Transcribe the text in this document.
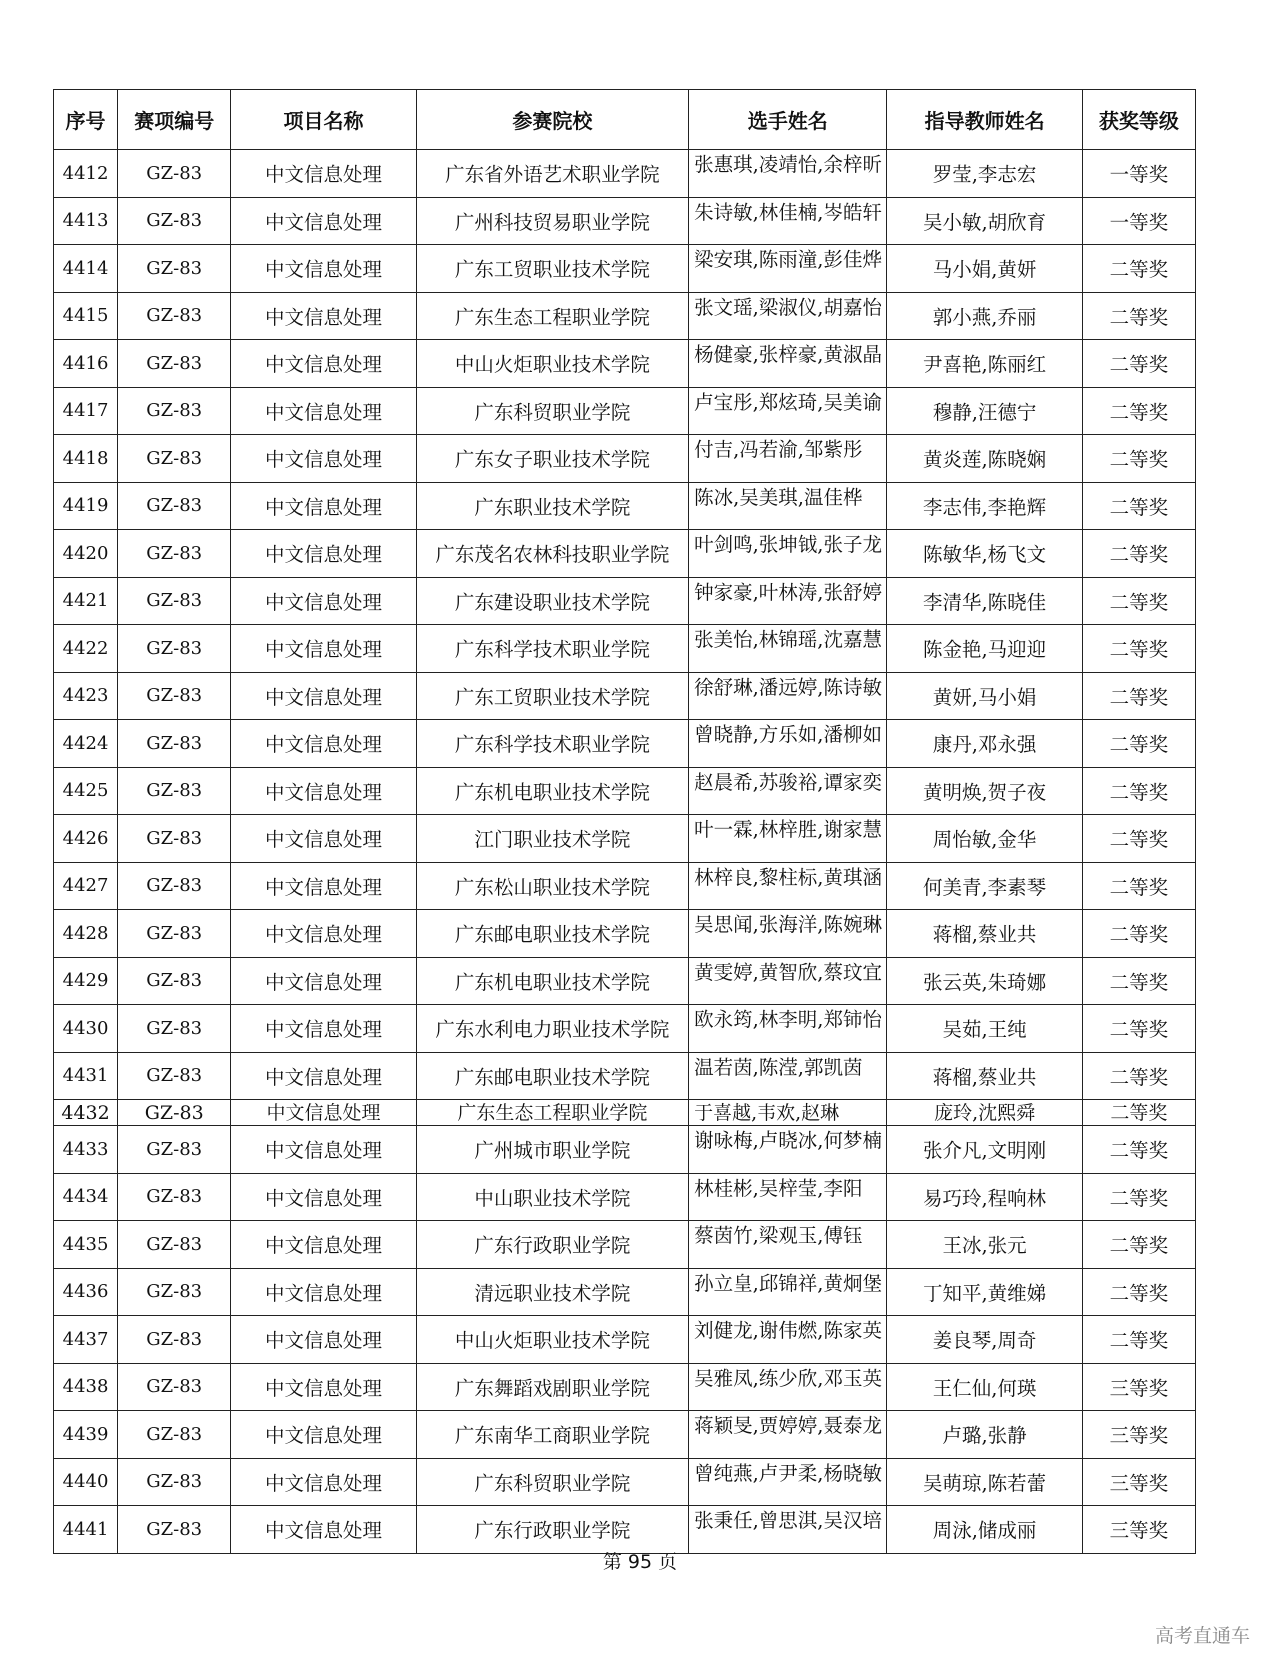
序号	赛项编号	项目名称	参赛院校	选手姓名	指导教师姓名	获奖等级
4412	GZ-83	中文信息处理	广东省外语艺术职业学院	张惠琪,凌靖怡,余梓昕	罗莹,李志宏	一等奖
4413	GZ-83	中文信息处理	广州科技贸易职业学院	朱诗敏,林佳楠,岑皓轩	吴小敏,胡欣育	一等奖
4414	GZ-83	中文信息处理	广东工贸职业技术学院	梁安琪,陈雨潼,彭佳烨	马小娟,黄妍	二等奖
4415	GZ-83	中文信息处理	广东生态工程职业学院	张文瑶,梁淑仪,胡嘉怡	郭小燕,乔丽	二等奖
4416	GZ-83	中文信息处理	中山火炬职业技术学院	杨健豪,张梓豪,黄淑晶	尹喜艳,陈丽红	二等奖
4417	GZ-83	中文信息处理	广东科贸职业学院	卢宝彤,郑炫琦,吴美谕	穆静,汪德宁	二等奖
4418	GZ-83	中文信息处理	广东女子职业技术学院	付吉,冯若渝,邹紫彤	黄炎莲,陈晓娴	二等奖
4419	GZ-83	中文信息处理	广东职业技术学院	陈冰,吴美琪,温佳桦	李志伟,李艳辉	二等奖
4420	GZ-83	中文信息处理	广东茂名农林科技职业学院	叶剑鸣,张坤钺,张子龙	陈敏华,杨飞文	二等奖
4421	GZ-83	中文信息处理	广东建设职业技术学院	钟家豪,叶林涛,张舒婷	李清华,陈晓佳	二等奖
4422	GZ-83	中文信息处理	广东科学技术职业学院	张美怡,林锦瑶,沈嘉慧	陈金艳,马迎迎	二等奖
4423	GZ-83	中文信息处理	广东工贸职业技术学院	徐舒琳,潘远婷,陈诗敏	黄妍,马小娟	二等奖
4424	GZ-83	中文信息处理	广东科学技术职业学院	曾晓静,方乐如,潘柳如	康丹,邓永强	二等奖
4425	GZ-83	中文信息处理	广东机电职业技术学院	赵晨希,苏骏裕,谭家奕	黄明焕,贺子夜	二等奖
4426	GZ-83	中文信息处理	江门职业技术学院	叶一霖,林梓胜,谢家慧	周怡敏,金华	二等奖
4427	GZ-83	中文信息处理	广东松山职业技术学院	林梓良,黎柱标,黄琪涵	何美青,李素琴	二等奖
4428	GZ-83	中文信息处理	广东邮电职业技术学院	吴思闻,张海洋,陈婉琳	蒋榴,蔡业共	二等奖
4429	GZ-83	中文信息处理	广东机电职业技术学院	黄雯婷,黄智欣,蔡玟宜	张云英,朱琦娜	二等奖
4430	GZ-83	中文信息处理	广东水利电力职业技术学院	欧永筠,林李明,郑铈怡	吴茹,王纯	二等奖
4431	GZ-83	中文信息处理	广东邮电职业技术学院	温若茵,陈滢,郭凯茵	蒋榴,蔡业共	二等奖
4432	GZ-83	中文信息处理	广东生态工程职业学院	于喜越,韦欢,赵琳	庞玲,沈熙舜	二等奖
4433	GZ-83	中文信息处理	广州城市职业学院	谢咏梅,卢晓冰,何梦楠	张介凡,文明刚	二等奖
4434	GZ-83	中文信息处理	中山职业技术学院	林桂彬,吴梓莹,李阳	易巧玲,程响林	二等奖
4435	GZ-83	中文信息处理	广东行政职业学院	蔡茵竹,梁观玉,傅钰	王冰,张元	二等奖
4436	GZ-83	中文信息处理	清远职业技术学院	孙立皇,邱锦祥,黄炯堡	丁知平,黄维娣	二等奖
4437	GZ-83	中文信息处理	中山火炬职业技术学院	刘健龙,谢伟燃,陈家英	姜良琴,周奇	二等奖
4438	GZ-83	中文信息处理	广东舞蹈戏剧职业学院	吴雅凤,练少欣,邓玉英	王仁仙,何瑛	三等奖
4439	GZ-83	中文信息处理	广东南华工商职业学院	蒋颖旻,贾婷婷,聂泰龙	卢璐,张静	三等奖
4440	GZ-83	中文信息处理	广东科贸职业学院	曾纯燕,卢尹柔,杨晓敏	吴萌琼,陈若蕾	三等奖
4441	GZ-83	中文信息处理	广东行政职业学院	张秉任,曾思淇,吴汉培	周泳,储成丽	三等奖
第 95 页
高考直通车
